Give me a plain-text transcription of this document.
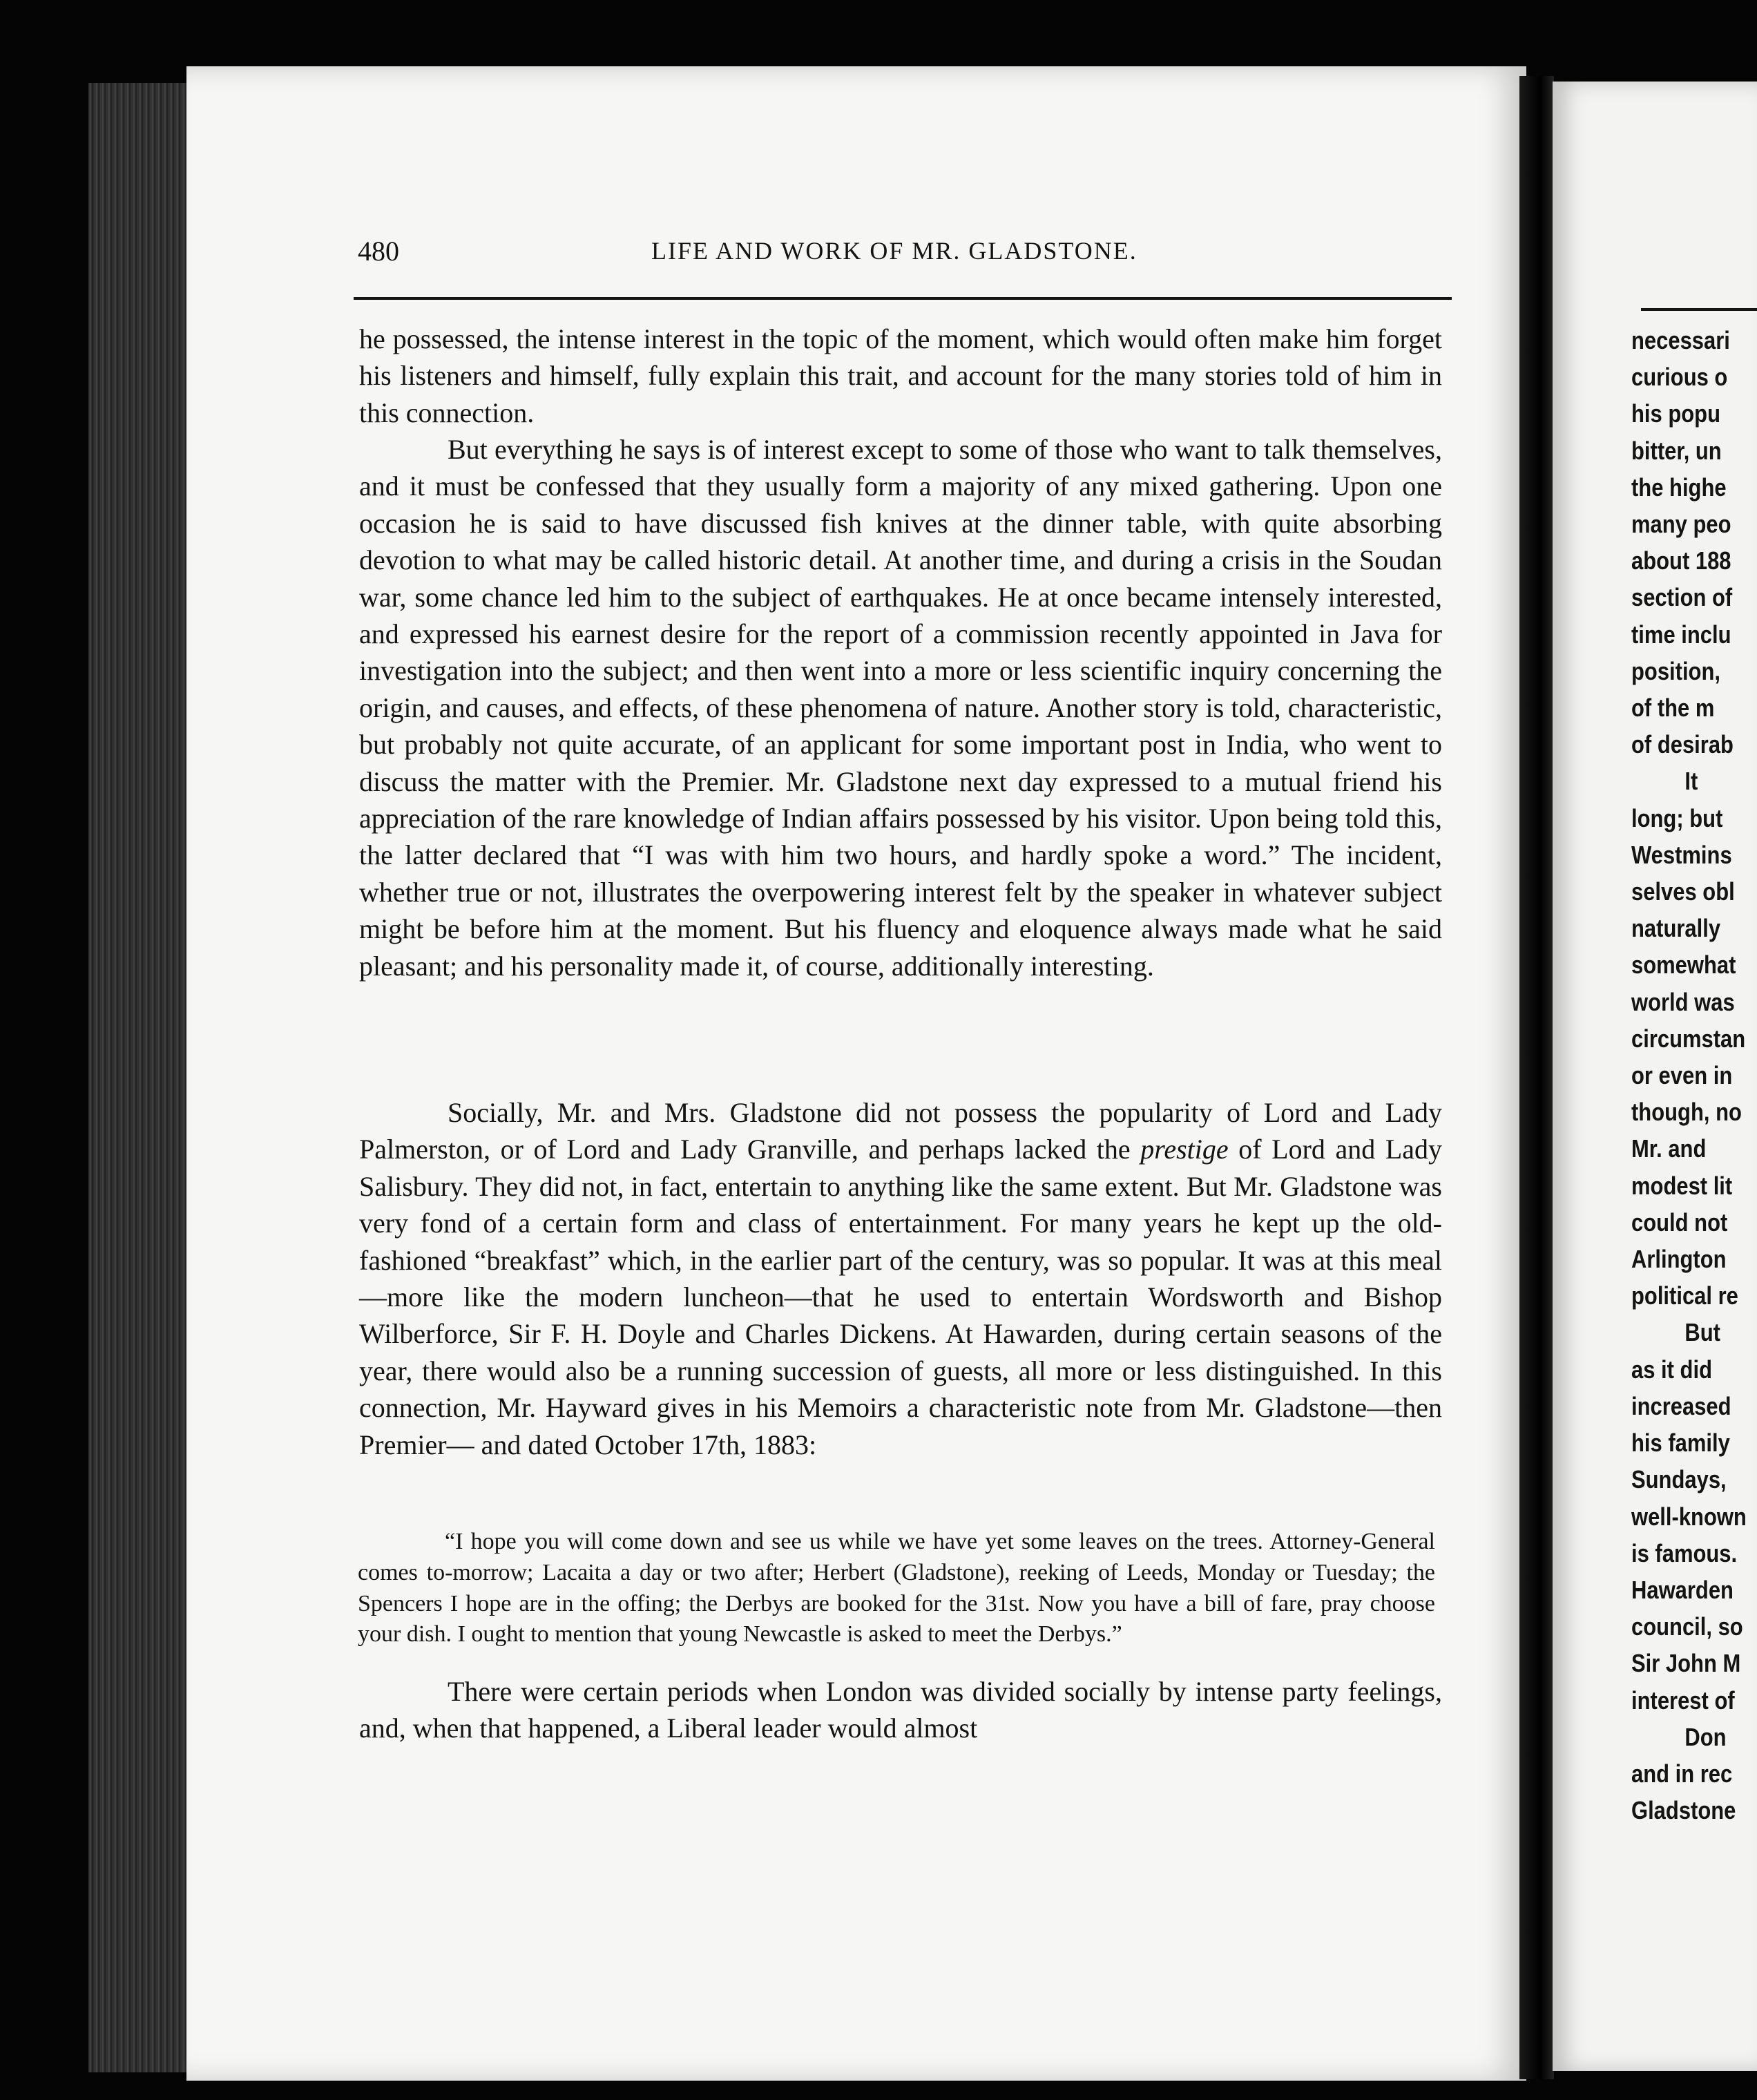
480	LIFE AND WORK OF MR. GLADSTONE.

he possessed, the intense interest in the topic of the moment, which would often make him forget his listeners and himself, fully explain this trait, and account for the many stories told of him in this connection.

But everything he says is of interest except to some of those who want to talk themselves, and it must be confessed that they usually form a majority of any mixed gathering. Upon one occasion he is said to have discussed fish knives at the dinner table, with quite absorbing devotion to what may be called historic detail. At another time, and during a crisis in the Soudan war, some chance led him to the subject of earthquakes. He at once became intensely interested, and expressed his earnest desire for the report of a commission recently appointed in Java for investigation into the subject; and then went into a more or less scientific inquiry concerning the origin, and causes, and effects, of these phenomena of nature. Another story is told, characteristic, but probably not quite accurate, of an applicant for some important post in India, who went to discuss the matter with the Premier. Mr. Gladstone next day expressed to a mutual friend his appreciation of the rare knowledge of Indian affairs possessed by his visitor. Upon being told this, the latter declared that “I was with him two hours, and hardly spoke a word.” The incident, whether true or not, illustrates the overpowering interest felt by the speaker in whatever subject might be before him at the moment. But his fluency and eloquence always made what he said pleasant; and his personality made it, of course, additionally interesting.

Socially, Mr. and Mrs. Gladstone did not possess the popularity of Lord and Lady Palmerston, or of Lord and Lady Granville, and perhaps lacked the prestige of Lord and Lady Salisbury. They did not, in fact, entertain to anything like the same extent. But Mr. Gladstone was very fond of a certain form and class of entertainment. For many years he kept up the old-fashioned “breakfast” which, in the earlier part of the century, was so popular. It was at this meal—more like the modern luncheon—that he used to entertain Wordsworth and Bishop Wilberforce, Sir F. H. Doyle and Charles Dickens. At Hawarden, during certain seasons of the year, there would also be a running succession of guests, all more or less distinguished. In this connection, Mr. Hayward gives in his Memoirs a characteristic note from Mr. Gladstone—then Premier— and dated October 17th, 1883:

“I hope you will come down and see us while we have yet some leaves on the trees. Attorney-General comes to-morrow; Lacaita a day or two after; Herbert (Gladstone), reeking of Leeds, Monday or Tuesday; the Spencers I hope are in the offing; the Derbys are booked for the 31st. Now you have a bill of fare, pray choose your dish. I ought to mention that young Newcastle is asked to meet the Derbys.”

There were certain periods when London was divided socially by intense party feelings, and, when that happened, a Liberal leader would almost

necessari
curious o
his popu
bitter, un
the highe
many peo
about 188
section of
time inclu
position,
of the m
of desirab
It
long; but
Westmins
selves obl
naturally
somewhat
world was
circumstan
or even in
though, no
Mr. and
modest lit
could not
Arlington
political re
But
as it did
increased
his family
Sundays,
well-known
is famous.
Hawarden
council, so
Sir John M
interest of
Don
and in rec
Gladstone
